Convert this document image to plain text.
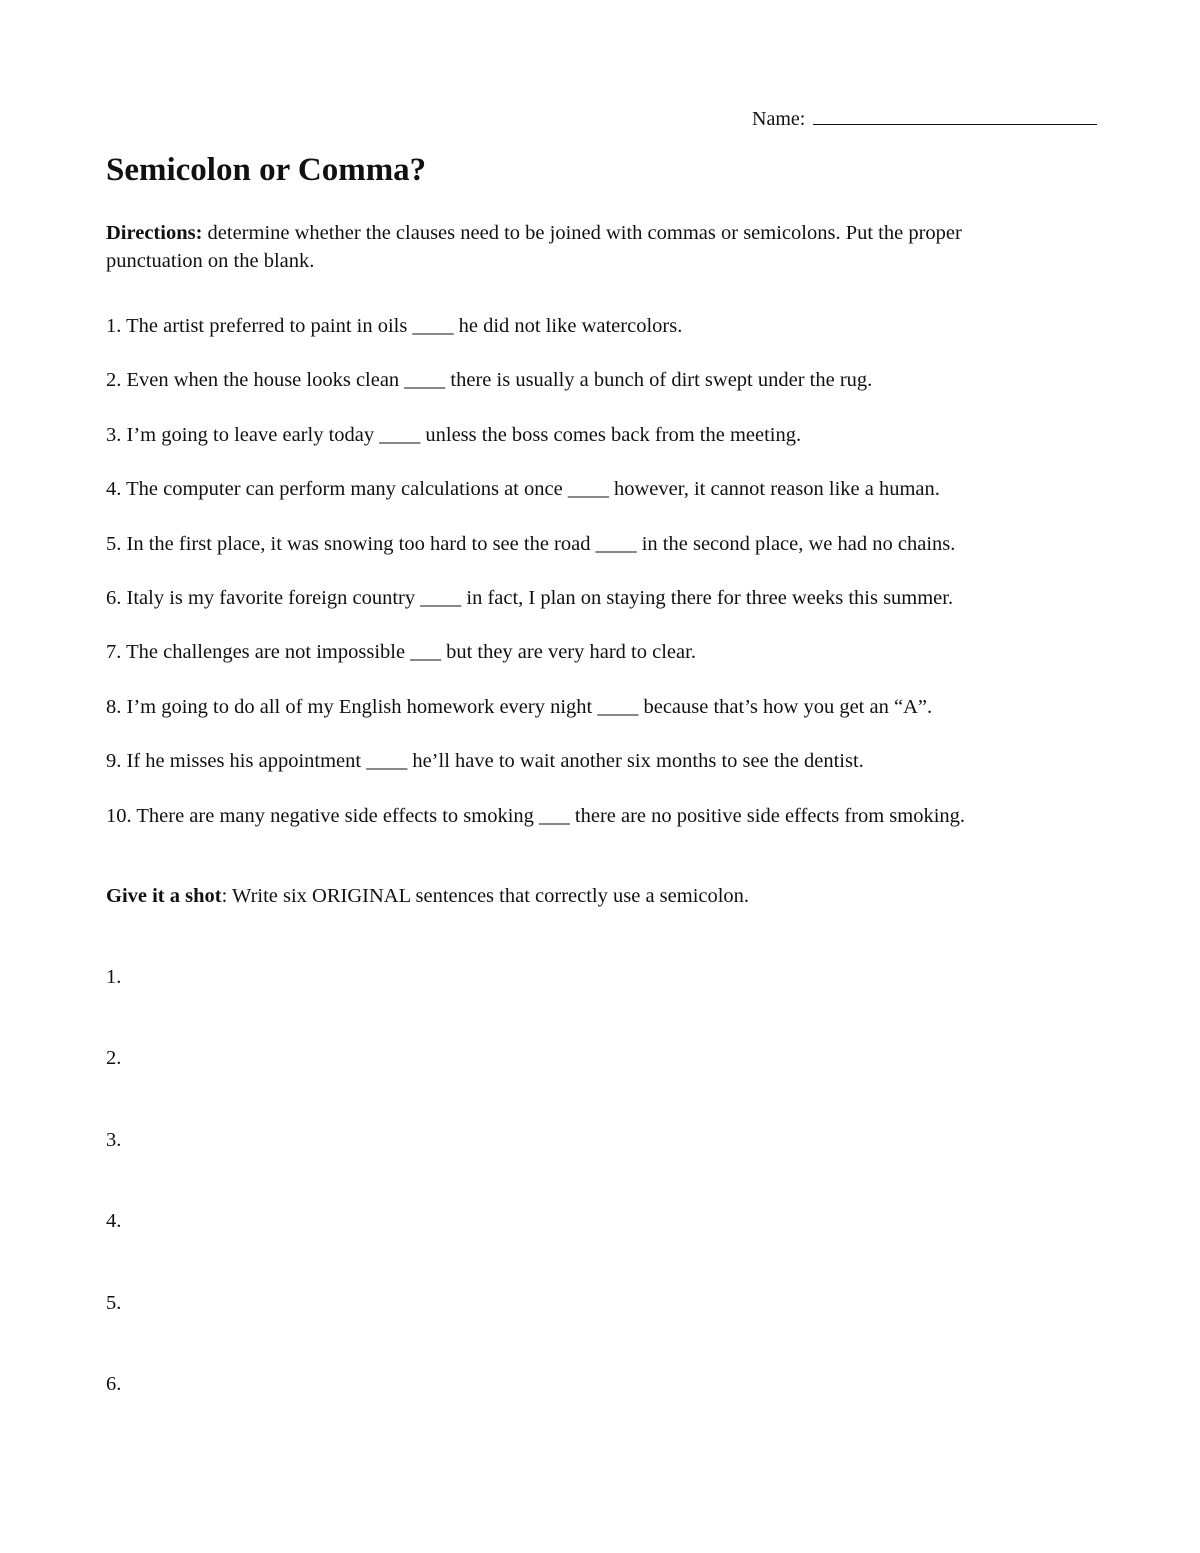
Name:
Semicolon or Comma?

Directions: determine whether the clauses need to be joined with commas or semicolons. Put the proper punctuation on the blank.

1. The artist preferred to paint in oils ____ he did not like watercolors.
2. Even when the house looks clean ____ there is usually a bunch of dirt swept under the rug.
3. I’m going to leave early today ____ unless the boss comes back from the meeting.
4. The computer can perform many calculations at once ____ however, it cannot reason like a human.
5. In the first place, it was snowing too hard to see the road ____ in the second place, we had no chains.
6. Italy is my favorite foreign country ____ in fact, I plan on staying there for three weeks this summer.
7. The challenges are not impossible ___ but they are very hard to clear.
8. I’m going to do all of my English homework every night ____ because that’s how you get an “A”.
9. If he misses his appointment ____ he’ll have to wait another six months to see the dentist.
10. There are many negative side effects to smoking ___ there are no positive side effects from smoking.

Give it a shot: Write six ORIGINAL sentences that correctly use a semicolon.

1.
2.
3.
4.
5.
6.
